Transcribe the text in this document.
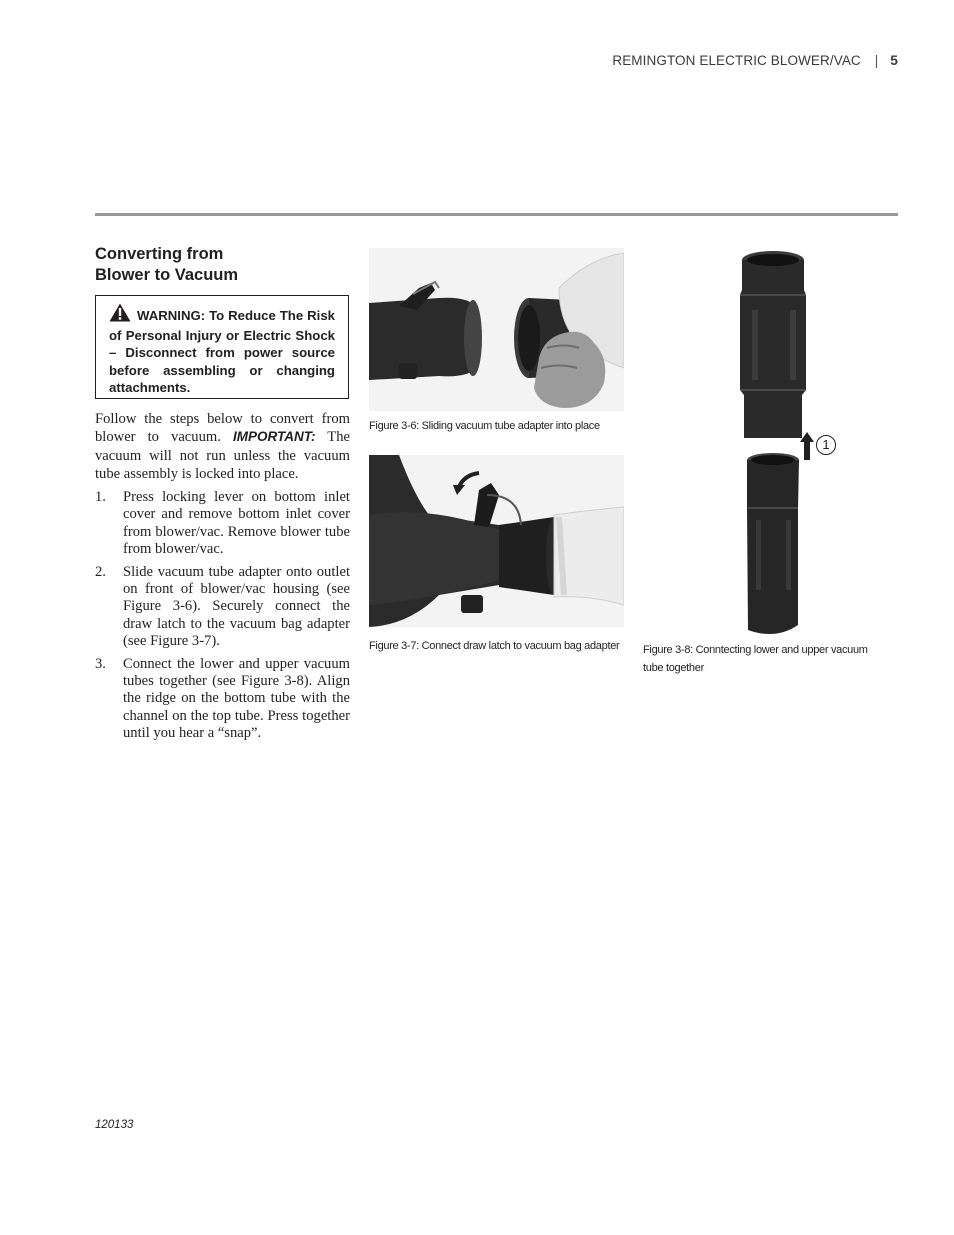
REMINGTON ELECTRIC BLOWER/VAC | 5
Converting from
Blower to Vacuum
WARNING: To Reduce The Risk of Personal Injury or Electric Shock – Disconnect from power source before assembling or changing attachments.
Follow the steps below to convert from blower to vacuum. IMPORTANT: The vacuum will not run unless the vacuum tube assembly is locked into place.
1. Press locking lever on bottom inlet cover and remove bottom inlet cover from blower/vac. Remove blower tube from blower/vac.
2. Slide vacuum tube adapter onto outlet on front of blower/vac housing (see Figure 3-6). Securely connect the draw latch to the vacuum bag adapter (see Figure 3-7).
3. Connect the lower and upper vacuum tubes together (see Figure 3-8). Align the ridge on the bottom tube with the channel on the top tube. Press together until you hear a “snap”.
Figure 3-6: Sliding vacuum tube adapter into place
Figure 3-7: Connect draw latch to vacuum bag adapter
1
Figure 3-8: Conntecting lower and upper vacuum tube together
120133
